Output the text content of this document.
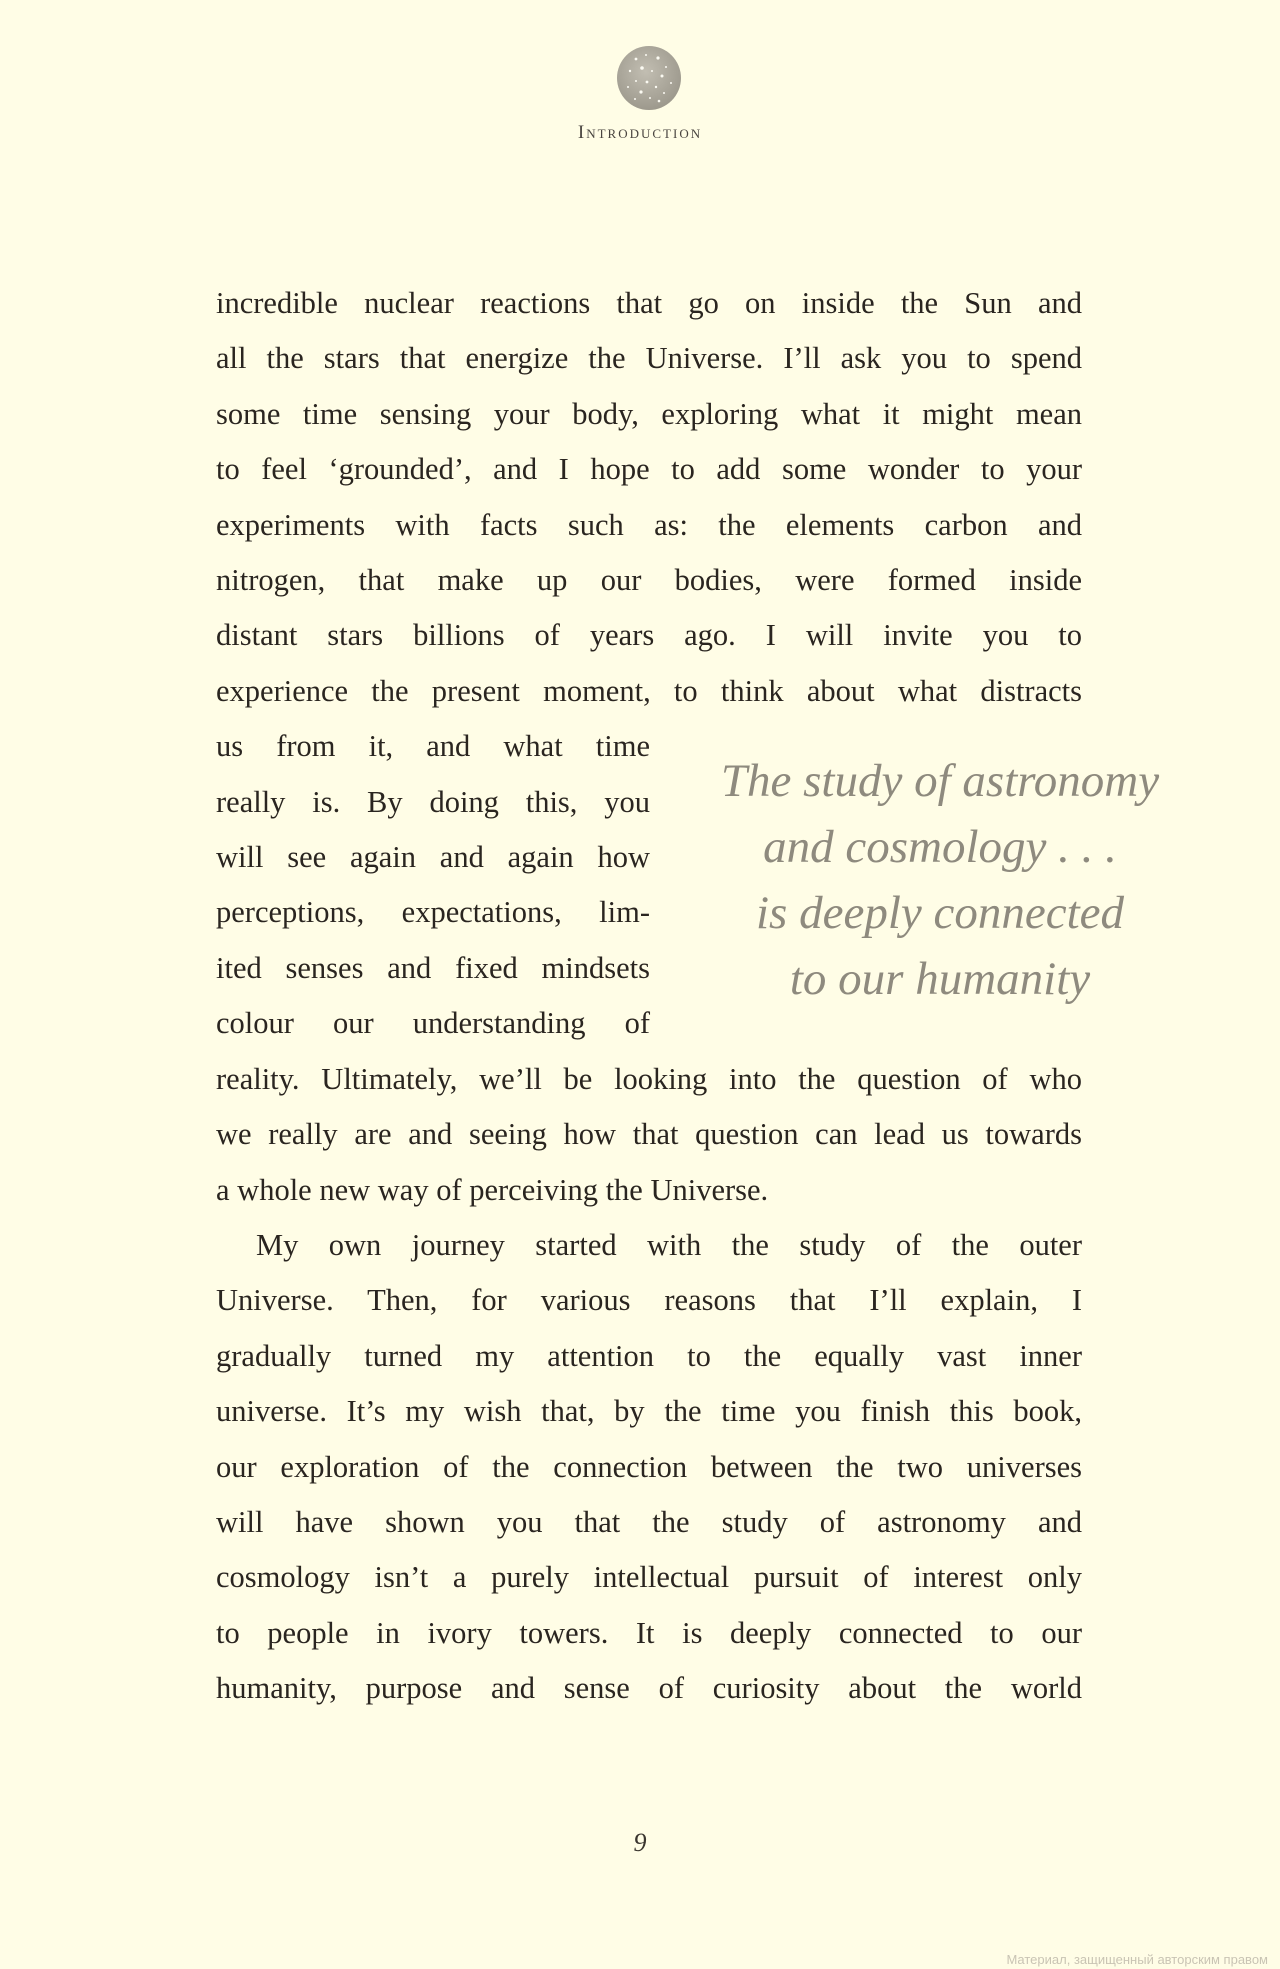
Introduction

incredible nuclear reactions that go on inside the Sun and
all the stars that energize the Universe. I’ll ask you to spend
some time sensing your body, exploring what it might mean
to feel ‘grounded’, and I hope to add some wonder to your
experiments with facts such as: the elements carbon and
nitrogen, that make up our bodies, were formed inside
distant stars billions of years ago. I will invite you to
experience the present moment, to think about what distracts
us from it, and what time
really is. By doing this, you
will see again and again how
perceptions, expectations, lim-
ited senses and fixed mindsets
colour our understanding of
reality. Ultimately, we’ll be looking into the question of who
we really are and seeing how that question can lead us towards
a whole new way of perceiving the Universe.

My own journey started with the study of the outer
Universe. Then, for various reasons that I’ll explain, I
gradually turned my attention to the equally vast inner
universe. It’s my wish that, by the time you finish this book,
our exploration of the connection between the two universes
will have shown you that the study of astronomy and
cosmology isn’t a purely intellectual pursuit of interest only
to people in ivory towers. It is deeply connected to our
humanity, purpose and sense of curiosity about the world

The study of astronomy
and cosmology . . .
is deeply connected
to our humanity
9
Материал, защищенный авторским правом
